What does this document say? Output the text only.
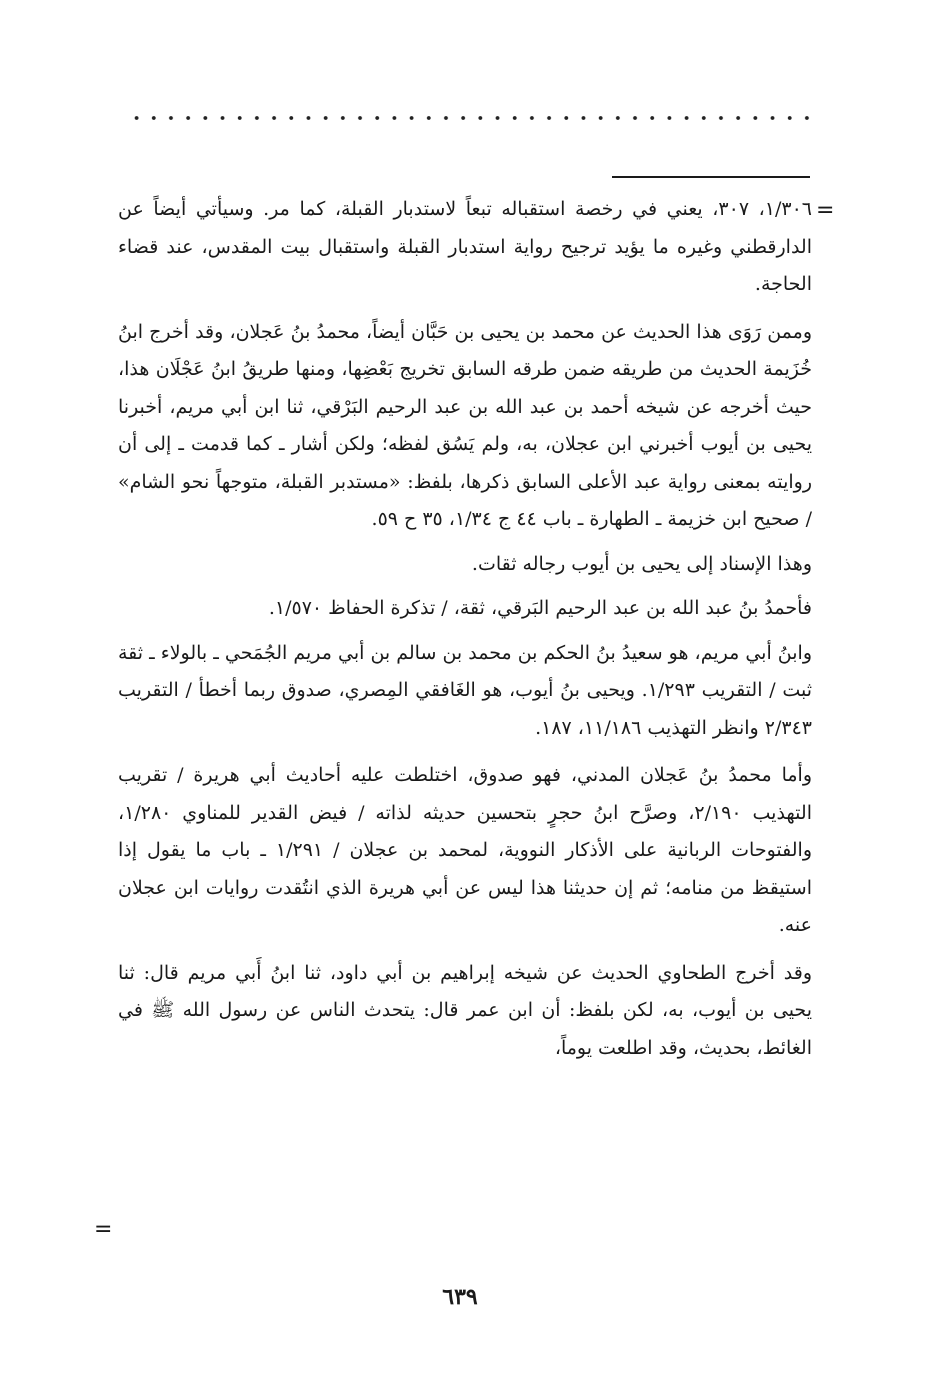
=

١/٣٠٦، ٣٠٧، يعني في رخصة استقباله تبعاً لاستدبار القبلة، كما مر. وسيأتي أيضاً عن الدارقطني وغيره ما يؤيد ترجيح رواية استدبار القبلة واستقبال بيت المقدس، عند قضاء الحاجة.

وممن رَوَى هذا الحديث عن محمد بن يحيى بن حَبَّان أيضاً، محمدُ بنُ عَجلان، وقد أخرج ابنُ خُزَيمة الحديث من طريقه ضمن طرقه السابق تخريج بَعْضِها، ومنها طريقُ ابنُ عَجْلَان هذا، حيث أخرجه عن شيخه أحمد بن عبد الله بن عبد الرحيم البَرْقي، ثنا ابن أبي مريم، أخبرنا يحيى بن أيوب أخبرني ابن عجلان، به، ولم يَسُق لفظه؛ ولكن أشار ـ كما قدمت ـ إلى أن روايته بمعنى رواية عبد الأعلى السابق ذكرها، بلفظ: «مستدبر القبلة، متوجهاً نحو الشام» / صحيح ابن خزيمة ـ الطهارة ـ باب ٤٤ ج ١/٣٤، ٣٥ ح ٥٩.

وهذا الإسناد إلى يحيى بن أيوب رجاله ثقات.

فأحمدُ بنُ عبد الله بن عبد الرحيم البَرقي، ثقة، / تذكرة الحفاظ ١/٥٧٠.

وابنُ أبي مريم، هو سعيدُ بنُ الحكم بن محمد بن سالم بن أبي مريم الجُمَحي ـ بالولاء ـ ثقة ثبت / التقريب ١/٢٩٣. ويحيى بنُ أيوب، هو الغَافقي المِصري، صدوق ربما أخطأ / التقريب ٢/٣٤٣ وانظر التهذيب ١١/١٨٦، ١٨٧.

وأما محمدُ بنُ عَجلان المدني، فهو صدوق، اختلطت عليه أحاديث أبي هريرة / تقريب التهذيب ٢/١٩٠، وصرَّح ابنُ حجرٍ بتحسين حديثه لذاته / فيض القدير للمناوي ١/٢٨٠، والفتوحات الربانية على الأذكار النووية، لمحمد بن عجلان / ١/٢٩١ ـ باب ما يقول إذا استيقظ من منامه؛ ثم إن حديثنا هذا ليس عن أبي هريرة الذي انتُقدت روايات ابن عجلان عنه.

وقد أخرج الطحاوي الحديث عن شيخه إبراهيم بن أبي داود، ثنا ابنُ أَبي مريم قال: ثنا يحيى بن أيوب، به، لكن بلفظ: أن ابن عمر قال: يتحدث الناس عن رسول الله ﷺ في الغائط، بحديث، وقد اطلعت يوماً،

=
٦٣٩
